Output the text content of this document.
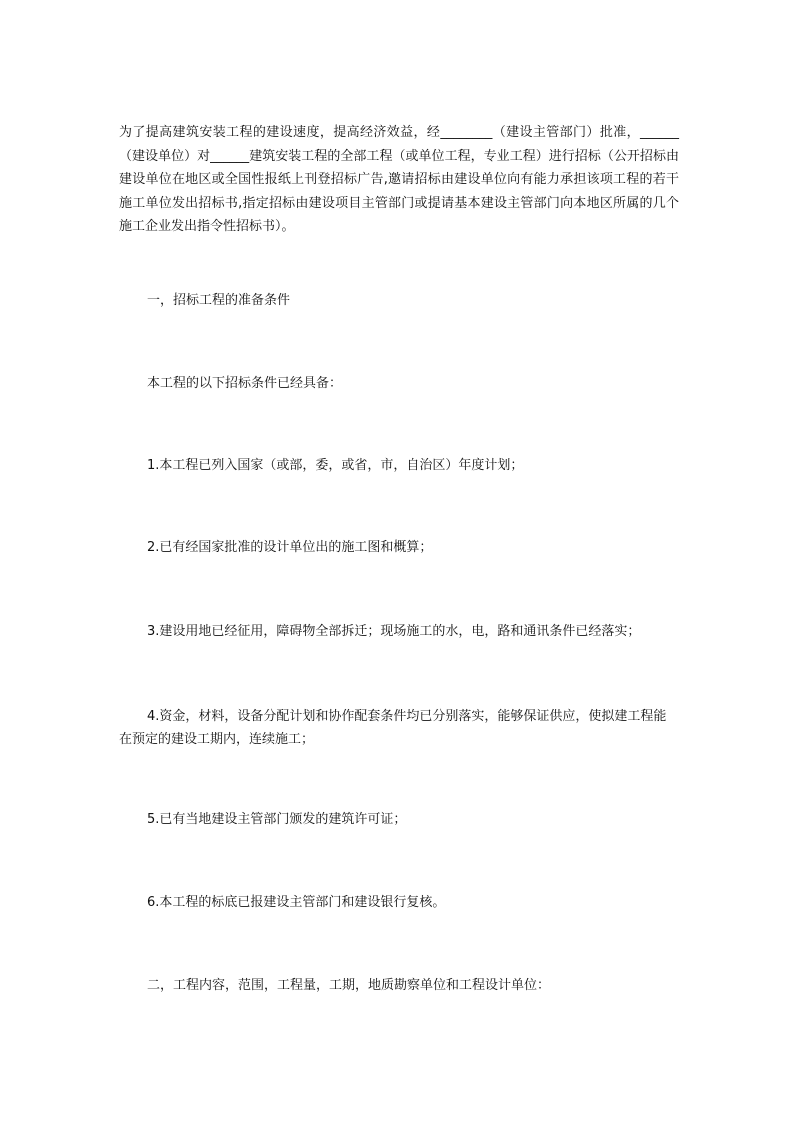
为了提高建筑安装工程的建设速度，提高经济效益，经________（建设主管部门）批准，______（建设单位）对______建筑安装工程的全部工程（或单位工程，专业工程）进行招标（公开招标由建设单位在地区或全国性报纸上刊登招标广告,邀请招标由建设单位向有能力承担该项工程的若干施工单位发出招标书,指定招标由建设项目主管部门或提请基本建设主管部门向本地区所属的几个施工企业发出指令性招标书）。

一，招标工程的准备条件

本工程的以下招标条件已经具备：

1.本工程已列入国家（或部，委，或省，市，自治区）年度计划；

2.已有经国家批准的设计单位出的施工图和概算；

3.建设用地已经征用，障碍物全部拆迁；现场施工的水，电，路和通讯条件已经落实；

4.资金，材料，设备分配计划和协作配套条件均已分别落实，能够保证供应，使拟建工程能在预定的建设工期内，连续施工；

5.已有当地建设主管部门颁发的建筑许可证；

6.本工程的标底已报建设主管部门和建设银行复核。

二，工程内容，范围，工程量，工期，地质勘察单位和工程设计单位：
